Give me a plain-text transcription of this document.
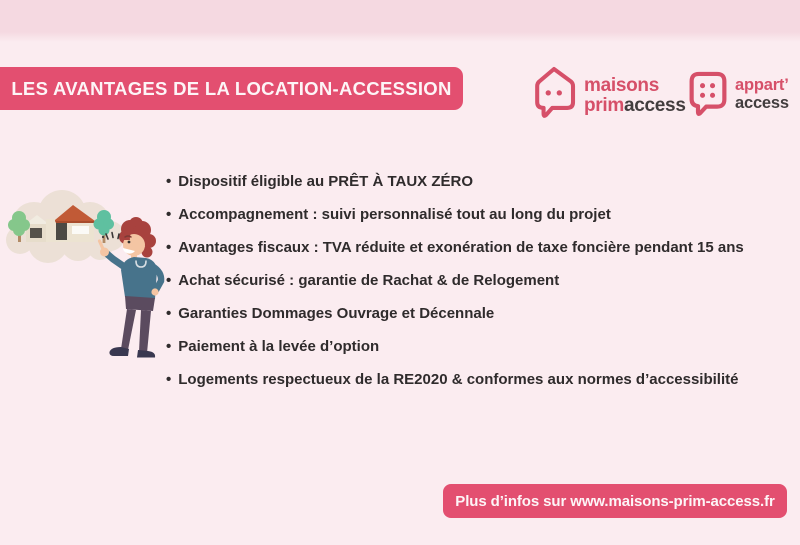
LES AVANTAGES DE LA LOCATION-ACCESSION	maisons
primaccess
appart’
access
• Dispositif éligible au PRÊT À TAUX ZÉRO
• Accompagnement : suivi personnalisé tout au long du projet
• Avantages fiscaux : TVA réduite et exonération de taxe foncière pendant 15 ans
• Achat sécurisé : garantie de Rachat & de Relogement
• Garanties Dommages Ouvrage et Décennale
• Paiement à la levée d’option
• Logements respectueux de la RE2020 & conformes aux normes d’accessibilité
Plus d’infos sur www.maisons-prim-access.fr
